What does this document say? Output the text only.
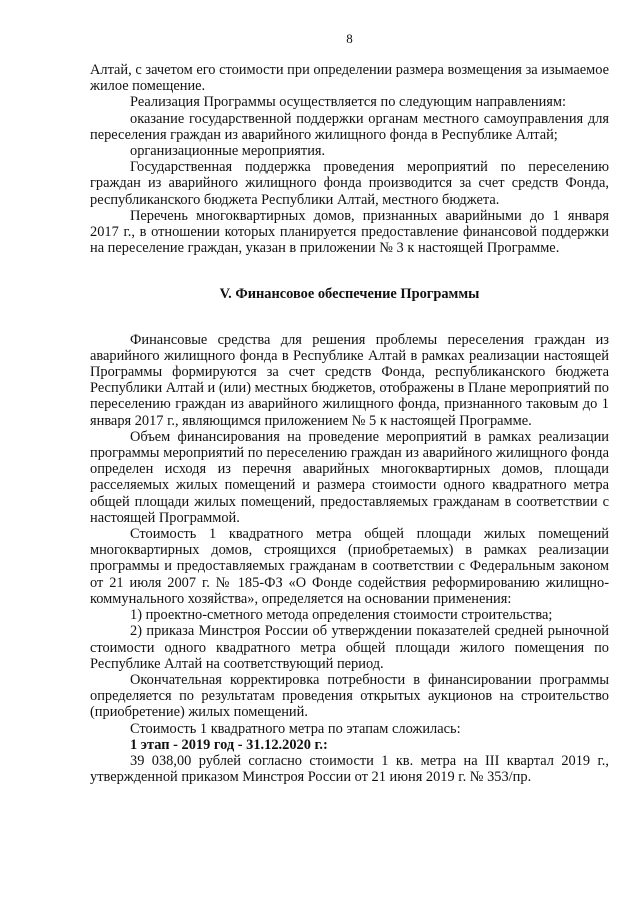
8

Алтай, с зачетом его стоимости при определении размера возмещения за изымаемое жилое помещение.

Реализация Программы осуществляется по следующим направлениям:

оказание государственной поддержки органам местного самоуправления для переселения граждан из аварийного жилищного фонда в Республике Алтай;

организационные мероприятия.

Государственная поддержка проведения мероприятий по переселению граждан из аварийного жилищного фонда производится за счет средств Фонда, республиканского бюджета Республики Алтай, местного бюджета.

Перечень многоквартирных домов, признанных аварийными до 1 января 2017 г., в отношении которых планируется предоставление финансовой поддержки на переселение граждан, указан в приложении № 3 к настоящей Программе.

V. Финансовое обеспечение Программы

Финансовые средства для решения проблемы переселения граждан из аварийного жилищного фонда в Республике Алтай в рамках реализации настоящей Программы формируются за счет средств Фонда, республиканского бюджета Республики Алтай и (или) местных бюджетов, отображены в Плане мероприятий по переселению граждан из аварийного жилищного фонда, признанного таковым до 1 января 2017 г., являющимся приложением № 5 к настоящей Программе.

Объем финансирования на проведение мероприятий в рамках реализации программы мероприятий по переселению граждан из аварийного жилищного фонда определен исходя из перечня аварийных многоквартирных домов, площади расселяемых жилых помещений и размера стоимости одного квадратного метра общей площади жилых помещений, предоставляемых гражданам в соответствии с настоящей Программой.

Стоимость 1 квадратного метра общей площади жилых помещений многоквартирных домов, строящихся (приобретаемых) в рамках реализации программы и предоставляемых гражданам в соответствии с Федеральным законом от 21 июля 2007 г. № 185-ФЗ «О Фонде содействия реформированию жилищно-коммунального хозяйства», определяется на основании применения:

1) проектно-сметного метода определения стоимости строительства;

2) приказа Минстроя России об утверждении показателей средней рыночной стоимости одного квадратного метра общей площади жилого помещения по Республике Алтай на соответствующий период.

Окончательная корректировка потребности в финансировании программы определяется по результатам проведения открытых аукционов на строительство (приобретение) жилых помещений.

Стоимость 1 квадратного метра по этапам сложилась:

1 этап - 2019 год - 31.12.2020 г.:

39 038,00 рублей согласно стоимости 1 кв. метра на III квартал 2019 г., утвержденной приказом Минстроя России от 21 июня 2019 г. № 353/пр.
